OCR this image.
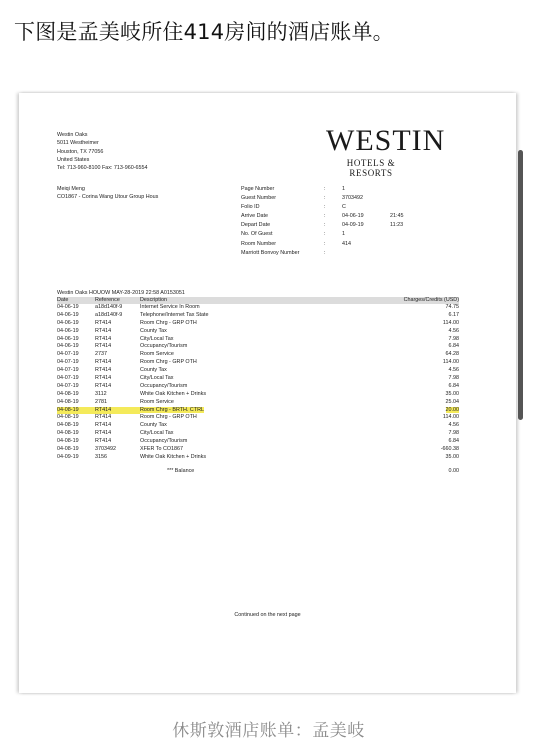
下图是孟美岐所住414房间的酒店账单。
Westin Oaks
5011 Westheimer
Houston, TX 77056
United States
Tel: 713-960-8100 Fax: 713-960-6554
WESTIN
HOTELS & RESORTS
Meiqi Meng
CO1867 - Corina Wang Utour Group Hous
Page Number	:	1
Guest Number	:	3703492
Folio ID	:	C
Arrive Date	:	04-06-19	21:45
Depart Date	:	04-09-19	11:23
No. Of Guest	:	1
Room Number	:	414
Marriott Bonvoy Number	:
Westin Oaks HOUOW MAY-28-2019 22:58 A0153051
Date	Reference	Description	Charges/Credits (USD)
04-06-19	a18d140f-9	Internet Service In Room	74.75
04-06-19	a18d140f-9	Telephone/Internet Tax State	6.17
04-06-19	RT414	Room Chrg - GRP OTH	114.00
04-06-19	RT414	County Tax	4.56
04-06-19	RT414	City/Local Tax	7.98
04-06-19	RT414	Occupancy/Tourism	6.84
04-07-19	2737	Room Service	64.28
04-07-19	RT414	Room Chrg - GRP OTH	114.00
04-07-19	RT414	County Tax	4.56
04-07-19	RT414	City/Local Tax	7.98
04-07-19	RT414	Occupancy/Tourism	6.84
04-08-19	3112	White Oak Kitchen + Drinks	35.00
04-08-19	2781	Room Service	25.04
04-08-19	RT414	Room Chrg - BRTH. CTRL	20.00
04-08-19	RT414	Room Chrg - GRP OTH	114.00
04-08-19	RT414	County Tax	4.56
04-08-19	RT414	City/Local Tax	7.98
04-08-19	RT414	Occupancy/Tourism	6.84
04-08-19	3703492	XFER To CO1867	-660.38
04-09-19	3156	White Oak Kitchen + Drinks	35.00
*** Balance	0.00
Continued on the next page
休斯敦酒店账单：孟美岐
